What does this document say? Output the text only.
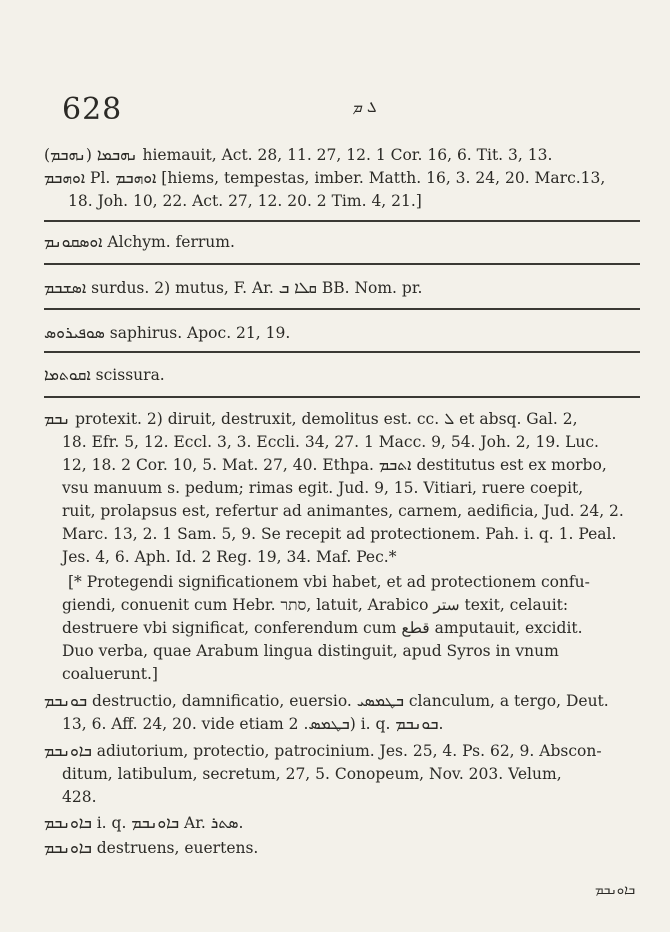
628	ܠ ܡ

(ܢܗܒܡ) ܢܗܒܡܐ hiemauit, Act. 28, 11. 27, 12. 1 Cor. 16, 6. Tit. 3, 13.

ܐܘܗܒܡ Pl. ܐܘܗܒܡ [hiems, tempestas, imber. Matth. 16, 3. 24, 20. Marc.13,

18. Joh. 10, 22. Act. 27, 12. 20. 2 Tim. 4, 21.]

ܐܘܣܩܘܢܡ Alchym. ferrum.

ܐܣܫܒܡ surdus. 2) mutus, F. Ar. ܩܠܐ ܒ BB. Nom. pr.

ܣܘܦܝܪܘܣ saphirus. Apoc. 21, 19.

ܐܩܘܬܡܐ scissura.

ܢܒܡ protexit. 2) diruit, destruxit, demolitus est. cc. ܠ et absq. Gal. 2,

18. Efr. 5, 12. Eccl. 3, 3. Eccli. 34, 27. 1 Macc. 9, 54. Joh. 2, 19. Luc.

12, 18. 2 Cor. 10, 5. Mat. 27, 40. Ethpa. ܐܬܒܡ destitutus est ex morbo,

vsu manuum s. pedum; rimas egit. Jud. 9, 15. Vitiari, ruere coepit,

ruit, prolapsus est, refertur ad animantes, carnem, aedificia, Jud. 24, 2.

Marc. 13, 2. 1 Sam. 5, 9. Se recepit ad protectionem. Pah. i. q. 1. Peal.

Jes. 4, 6. Aph. Id. 2 Reg. 19, 34. Maf. Pec.*

[* Protegendi significationem vbi habet, et ad protectionem confu-

giendi, conuenit cum Hebr. סתר, latuit, Arabico ستر texit, celauit:

destruere vbi significat, conferendum cum قطع amputauit, excidit.

Duo verba, quae Arabum lingua distinguit, apud Syros in vnum

coaluerunt.]

ܒܘܢܒܡ destructio, damnificatio, euersio. ܒܛܡܣܝ clanculum, a tergo, Deut.

13, 6. Aff. 24, 20. vide etiam ܒܛܡܣ. 2) i. q. ܒܘܢܒܡ.

ܒܐܘܢܒܡ adiutorium, protectio, patrocinium. Jes. 25, 4. Ps. 62, 9. Abscon-

ditum, latibulum, secretum, 27, 5. Conopeum, Nov. 203. Velum,

428.

ܒܐܘܢܒܡ i. q. ܒܐܘܢܒܡ Ar. ܣܬܪ.

ܒܐܘܢܒܡ destruens, euertens.

ܒܐܘܢܒܡ
